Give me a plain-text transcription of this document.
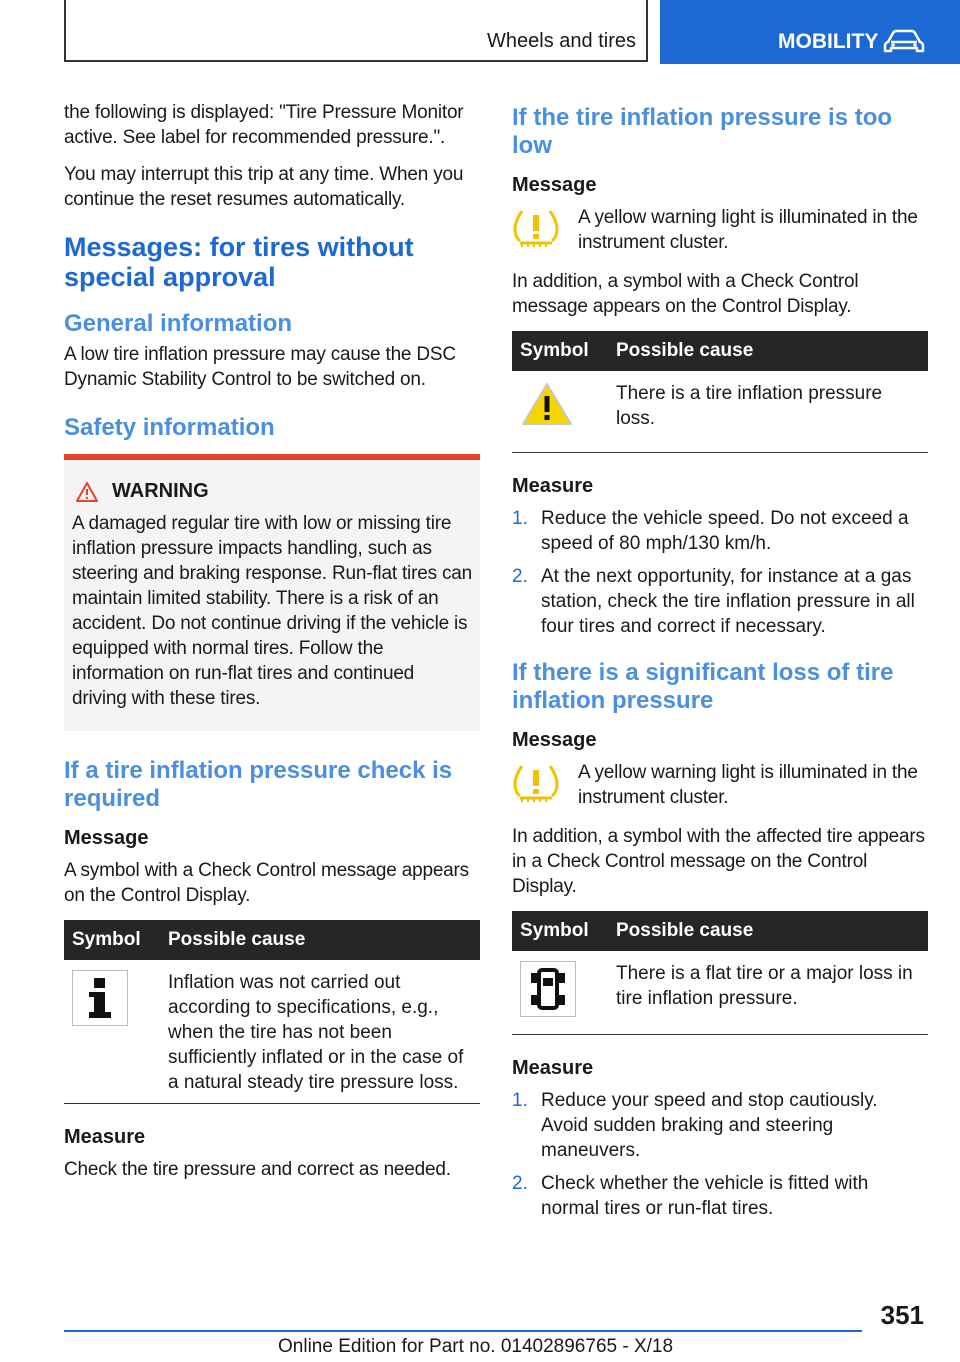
Wheels and tires	MOBILITY

the following is displayed: "Tire Pressure Monitor active. See label for recommended pressure.".

You may interrupt this trip at any time. When you continue the reset resumes automatically.

Messages: for tires without special approval
General information

A low tire inflation pressure may cause the DSC Dynamic Stability Control to be switched on.

Safety information
WARNING

A damaged regular tire with low or missing tire inflation pressure impacts handling, such as steering and braking response. Run-flat tires can maintain limited stability. There is a risk of an accident. Do not continue driving if the vehicle is equipped with normal tires. Follow the information on run-flat tires and continued driving with these tires.

If a tire inflation pressure check is required
Message

A symbol with a Check Control message appears on the Control Display.

Symbol	Possible cause
	Inflation was not carried out according to specifications, e.g., when the tire has not been sufficiently inflated or in the case of a natural steady tire pressure loss.
Measure

Check the tire pressure and correct as needed.

If the tire inflation pressure is too low
Message

A yellow warning light is illuminated in the instrument cluster.

In addition, a symbol with a Check Control message appears on the Control Display.

Symbol	Possible cause
	There is a tire inflation pressure loss.
Measure
1. Reduce the vehicle speed. Do not exceed a speed of 80 mph/130 km/h.
2. At the next opportunity, for instance at a gas station, check the tire inflation pressure in all four tires and correct if necessary.
If there is a significant loss of tire inflation pressure
Message

A yellow warning light is illuminated in the instrument cluster.

In addition, a symbol with the affected tire appears in a Check Control message on the Control Display.

Symbol	Possible cause
	There is a flat tire or a major loss in tire inflation pressure.
Measure
1. Reduce your speed and stop cautiously. Avoid sudden braking and steering maneuvers.
2. Check whether the vehicle is fitted with normal tires or run-flat tires.
351
Online Edition for Part no. 01402896765 - X/18
